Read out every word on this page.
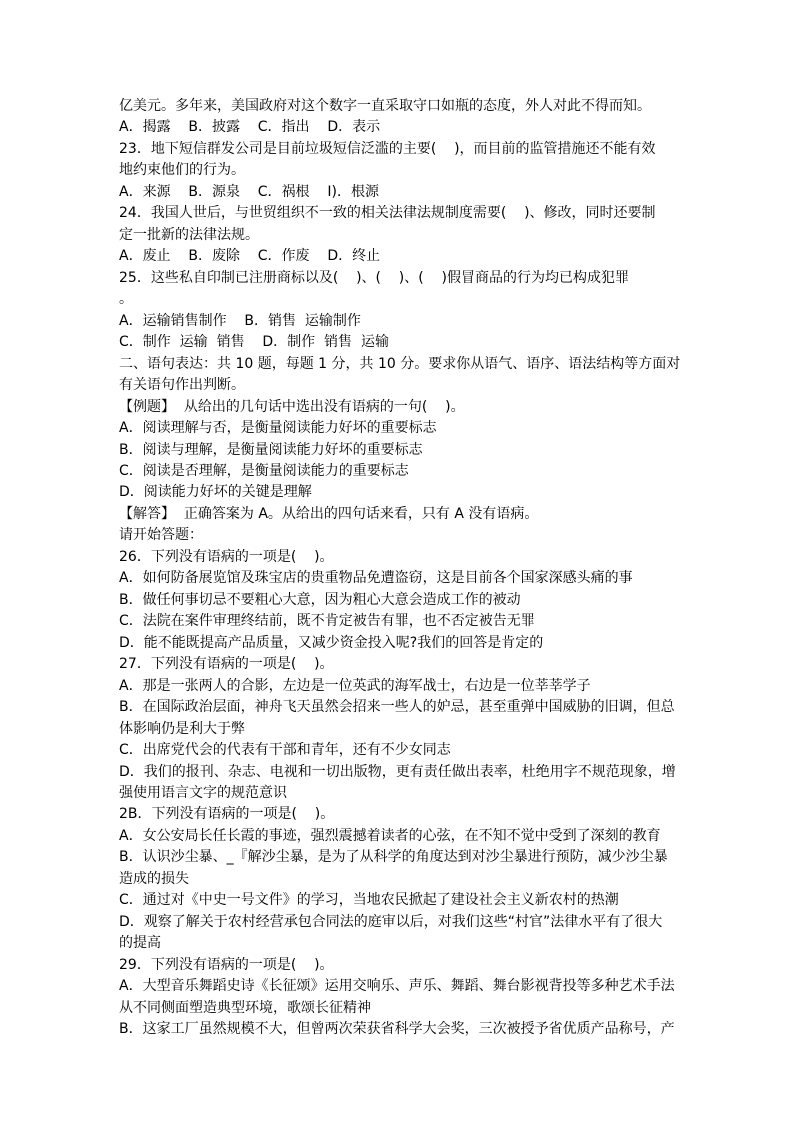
亿美元。多年来，美国政府对这个数字一直采取守口如瓶的态度，外人对此不得而知。
A．揭露    B．披露    C．指出    D．表示
23．地下短信群发公司是目前垃圾短信泛滥的主要(    )，而目前的监管措施还不能有效
地约束他们的行为。
A．来源    B．源泉    C．祸根    I)．根源
24．我国人世后，与世贸组织不一致的相关法律法规制度需要(    )、修改，同时还要制
定一批新的法律法规。
A．废止    B．废除    C．作废    D．终止
25．这些私自印制已注册商标以及(    )、(    )、(    )假冒商品的行为均已构成犯罪
。
A．运输销售制作    B．销售  运输制作
C．制作  运输  销售    D．制作  销售  运输
二、语句表达：共 10 题，每题 1 分，共 10 分。要求你从语气、语序、语法结构等方面对
有关语句作出判断。
【例题】  从给出的几句话中选出没有语病的一句(    )。
A．阅读理解与否，是衡量阅读能力好坏的重要标志
B．阅读与理解，是衡量阅读能力好坏的重要标志
C．阅读是否理解，是衡量阅读能力的重要标志
D．阅读能力好坏的关键是理解
【解答】  正确答案为 A。从给出的四句话来看，只有 A 没有语病。
请开始答题：
26．下列没有语病的一项是(    )。
A．如何防备展览馆及珠宝店的贵重物品免遭盗窃，这是目前各个国家深感头痛的事
B．做任何事切忌不要粗心大意，因为粗心大意会造成工作的被动
C．法院在案件审理终结前，既不肯定被告有罪，也不否定被告无罪
D．能不能既提高产品质量，又减少资金投入呢?我们的回答是肯定的
27．下列没有语病的一项是(    )。
A．那是一张两人的合影，左边是一位英武的海军战士，右边是一位莘莘学子
B．在国际政治层面，神舟飞天虽然会招来一些人的妒忌，甚至重弹中国威胁的旧调，但总
体影响仍是利大于弊
C．出席党代会的代表有干部和青年，还有不少女同志
D．我们的报刊、杂志、电视和一切出版物，更有责任做出表率，杜绝用字不规范现象，增
强使用语言文字的规范意识
2B．下列没有语病的一项是(    )。
A．女公安局长任长霞的事迹，强烈震撼着读者的心弦，在不知不觉中受到了深刻的教育
B．认识沙尘暴、_『解沙尘暴，是为了从科学的角度达到对沙尘暴进行预防，减少沙尘暴
造成的损失
C．通过对《中史一号文件》的学习，当地农民掀起了建设社会主义新农村的热潮
D．观察了解关于农村经营承包合同法的庭审以后，对我们这些“村官”法律水平有了很大
的提高
29．下列没有语病的一项是(    )。
A．大型音乐舞蹈史诗《长征颂》运用交响乐、声乐、舞蹈、舞台影视背投等多种艺术手法
从不同侧面塑造典型环境，歌颂长征精神
B．这家工厂虽然规模不大，但曾两次荣获省科学大会奖，三次被授予省优质产品称号，产
